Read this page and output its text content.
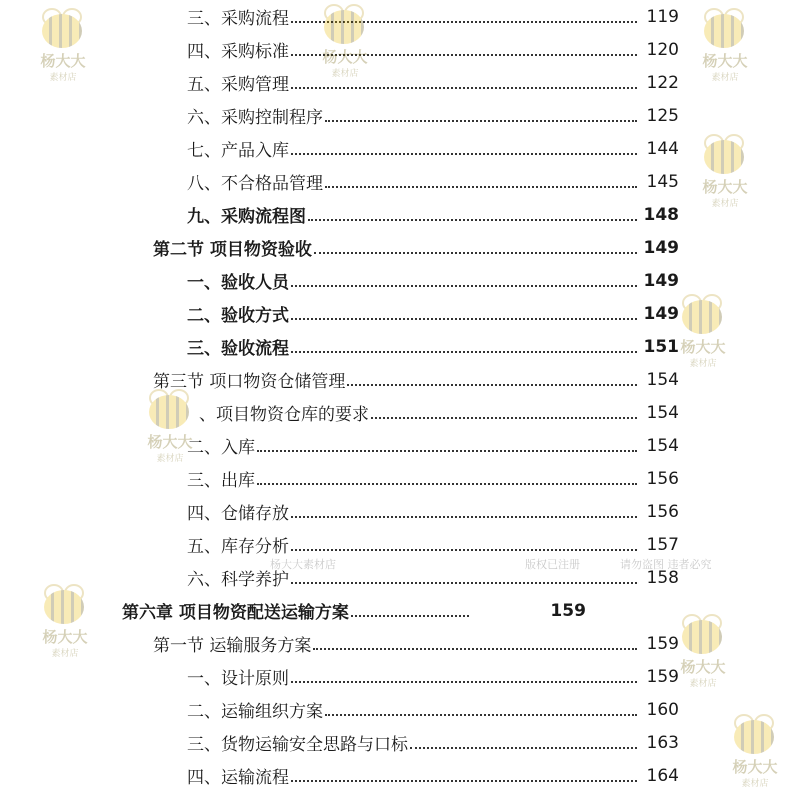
三、采购流程	119
四、采购标准	120
五、采购管理	122
六、采购控制程序	125
七、产品入库	144
八、不合格品管理	145
九、采购流程图	148
第二节 项目物资验收	149
一、验收人员	149
二、验收方式	149
三、验收流程	151
第三节 项口物资仓储管理	154
、项目物资仓库的要求	154
二、入库	154
三、出库	156
四、仓储存放	156
五、库存分析	157
六、科学养护	158
第六章 项目物资配送运输方案	159
第一节 运输服务方案	159
一、设计原则	159
二、运输组织方案	160
三、货物运输安全思路与口标	163
四、运输流程	164
杨大大
素材店
杨大大
素材店
杨大大
素材店
杨大大
素材店
杨大大
素材店
杨大大
素材店
杨大大
素材店
杨大大
素材店
杨大大
素材店
杨大大素材店	版权已注册	请勿盗图 违者必究
